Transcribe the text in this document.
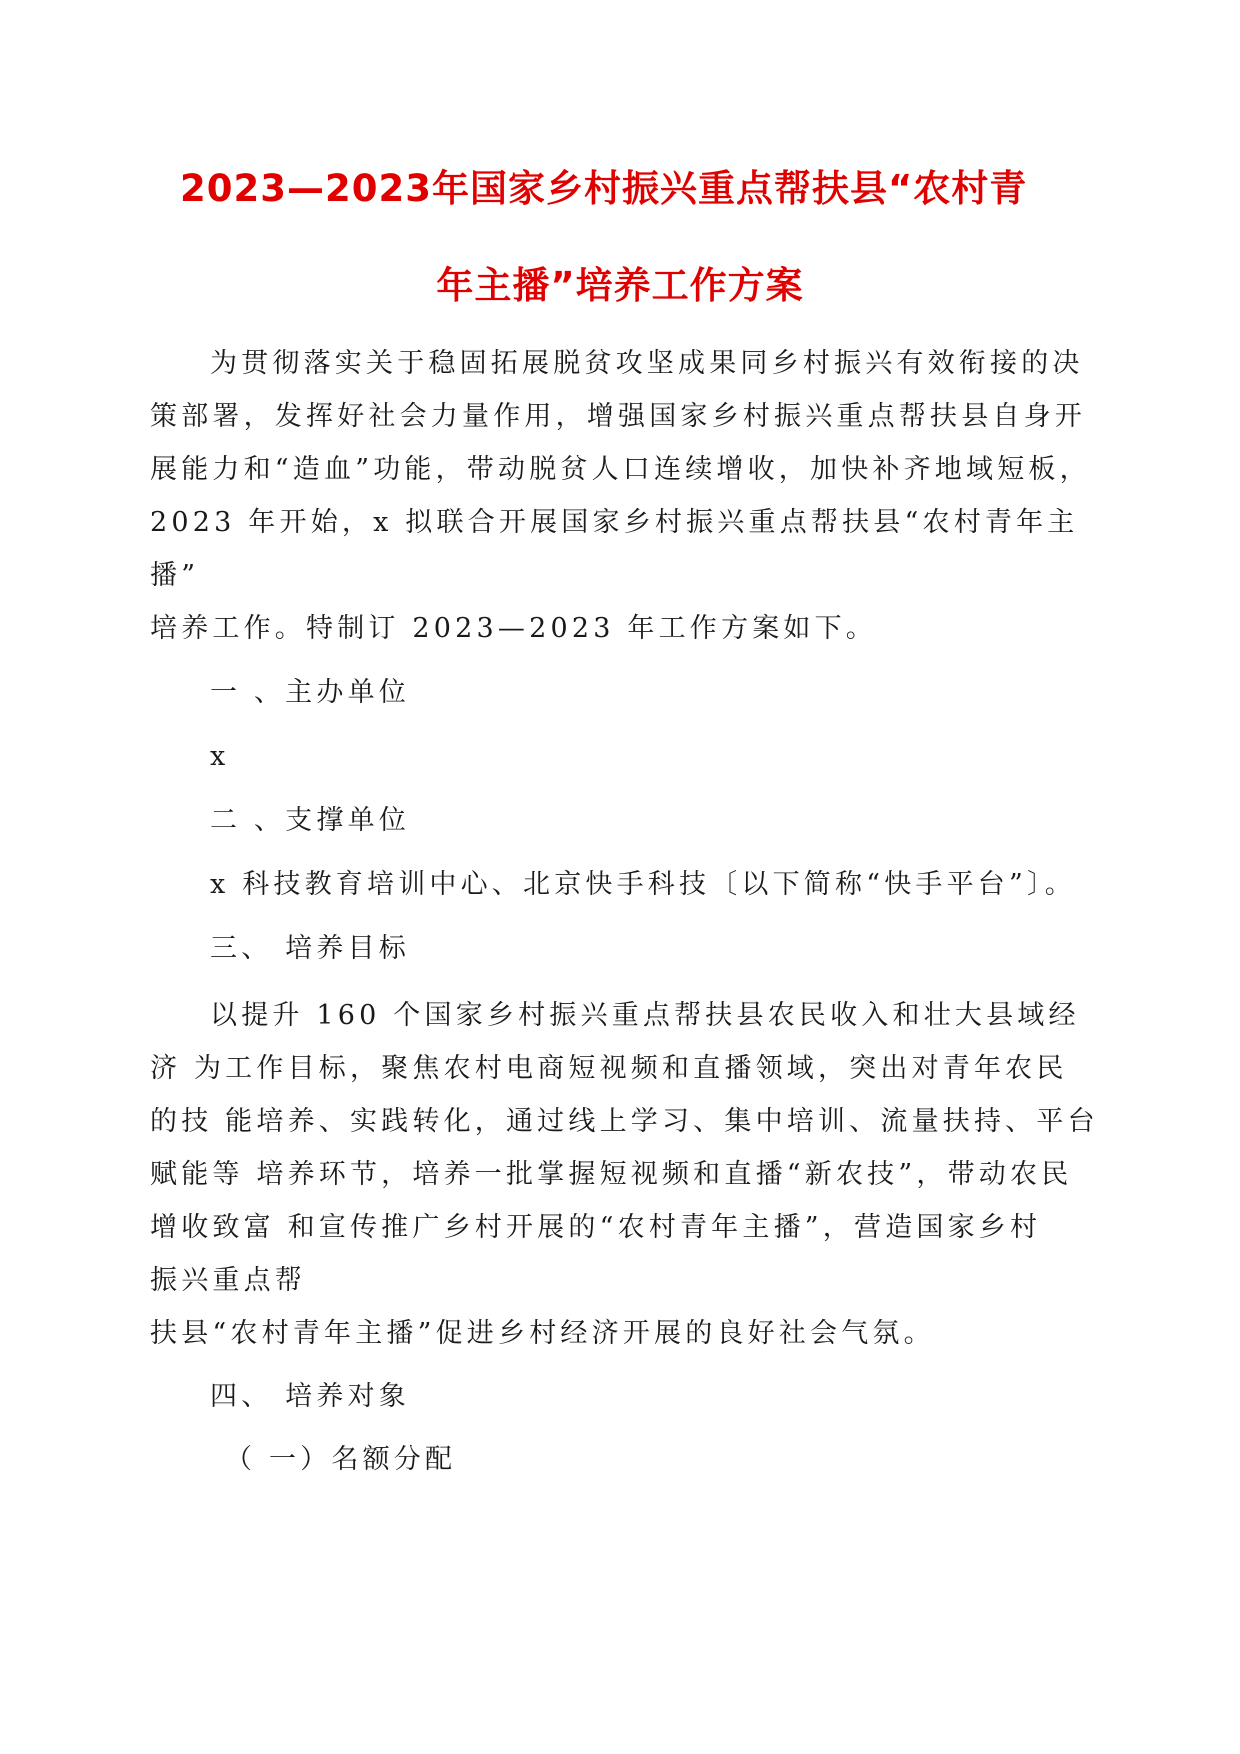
2023—2023年国家乡村振兴重点帮扶县“农村青
年主播”培养工作方案
为贯彻落实关于稳固拓展脱贫攻坚成果同乡村振兴有效衔接的决
策部署，发挥好社会力量作用，增强国家乡村振兴重点帮扶县自身开
展能力和“造血”功能，带动脱贫人口连续增收，加快补齐地域短板，
2023 年开始，x 拟联合开展国家乡村振兴重点帮扶县“农村青年主
播”
培养工作。特制订 2023—2023 年工作方案如下。
一 、主办单位
x
二 、支撑单位
x 科技教育培训中心、北京快手科技〔以下简称“快手平台”〕。
三、 培养目标
以提升 160 个国家乡村振兴重点帮扶县农民收入和壮大县域经
济 为工作目标，聚焦农村电商短视频和直播领域，突出对青年农民
的技 能培养、实践转化，通过线上学习、集中培训、流量扶持、平台
赋能等 培养环节，培养一批掌握短视频和直播“新农技”，带动农民
增收致富 和宣传推广乡村开展的“农村青年主播”，营造国家乡村
振兴重点帮
扶县“农村青年主播”促进乡村经济开展的良好社会气氛。
四、 培养对象
（ 一）名额分配
